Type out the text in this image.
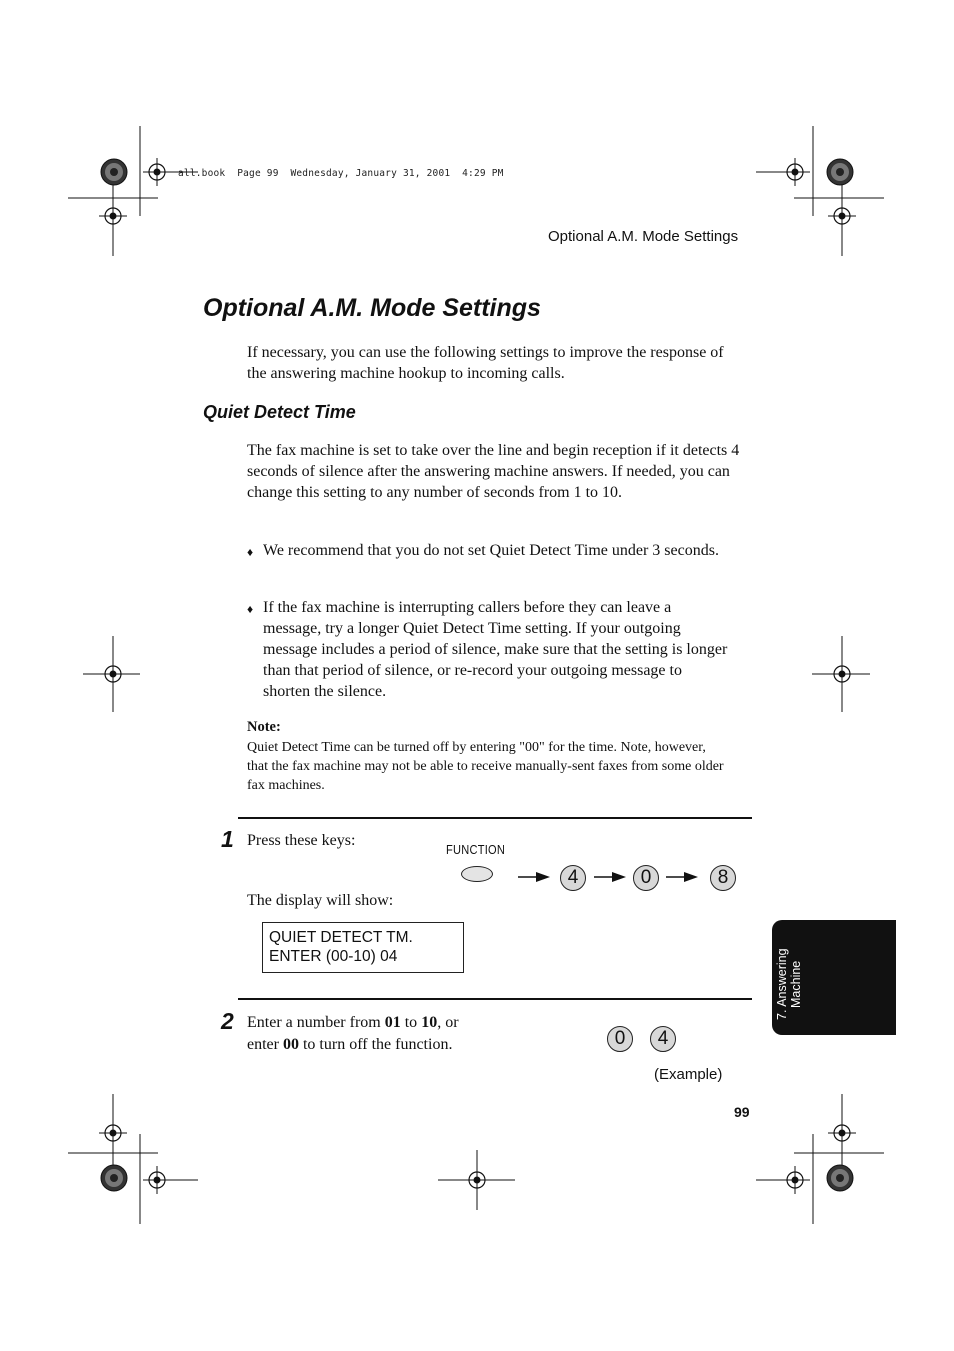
all.book  Page 99  Wednesday, January 31, 2001  4:29 PM
Optional A.M. Mode Settings
Optional A.M. Mode Settings
If necessary, you can use the following settings to improve the response of the answering machine hookup to incoming calls.
Quiet Detect Time
The fax machine is set to take over the line and begin reception if it detects 4 seconds of silence after the answering machine answers. If needed, you can change this setting to any number of seconds from 1 to 10.
♦ We recommend that you do not set Quiet Detect Time under 3 seconds.
♦ If the fax machine is interrupting callers before they can leave a message, try a longer Quiet Detect Time setting. If your outgoing message includes a period of silence, make sure that the setting is longer than that period of silence, or re-record your outgoing message to shorten the silence.
Note:
Quiet Detect Time can be turned off by entering "00" for the time. Note, however, that the fax machine may not be able to receive manually-sent faxes from some older fax machines.
1 Press these keys:
FUNCTION
4	0	8
The display will show:
QUIET DETECT TM.
ENTER (00-10) 04
2 Enter a number from 01 to 10, or
enter 00 to turn off the function.	0	4
(Example)
99
7. Answering Machine
